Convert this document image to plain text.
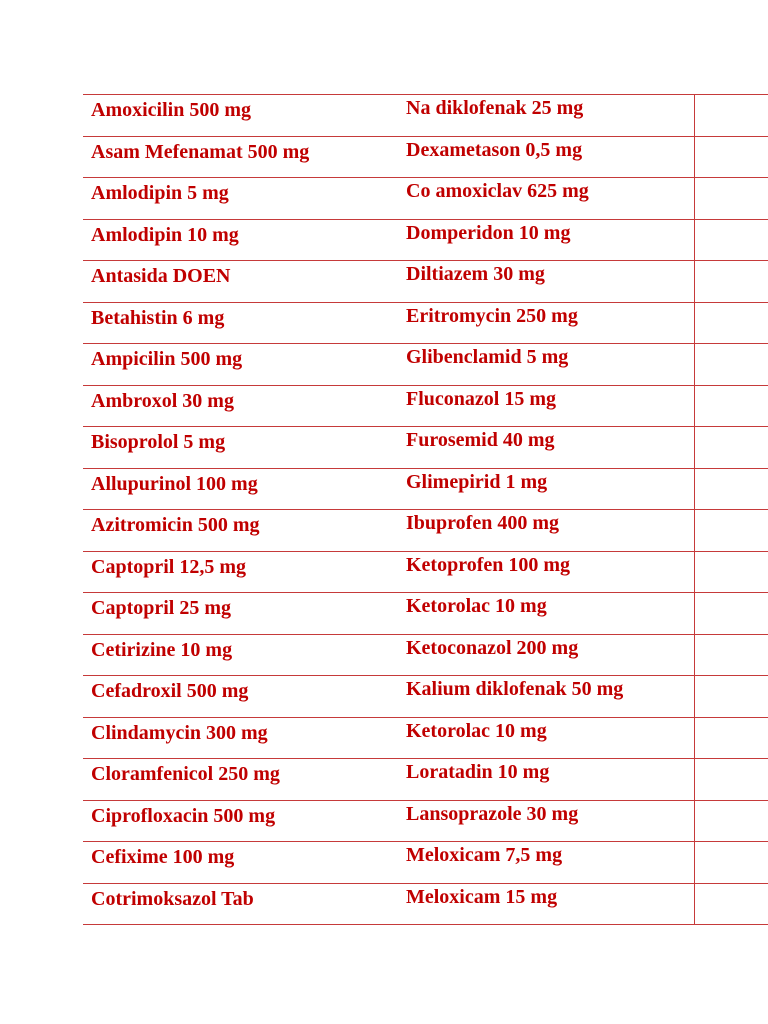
Amoxicilin 500 mg	Na diklofenak 25 mg	
Asam Mefenamat 500 mg	Dexametason 0,5 mg	
Amlodipin 5 mg	Co amoxiclav 625 mg	
Amlodipin 10 mg	Domperidon 10 mg	
Antasida DOEN	Diltiazem 30 mg	
Betahistin 6 mg	Eritromycin 250 mg	
Ampicilin 500 mg	Glibenclamid 5 mg	
Ambroxol 30 mg	Fluconazol 15 mg	
Bisoprolol 5 mg	Furosemid 40 mg	
Allupurinol 100 mg	Glimepirid 1 mg	
Azitromicin 500 mg	Ibuprofen 400 mg	
Captopril 12,5 mg	Ketoprofen 100 mg	
Captopril 25 mg	Ketorolac 10 mg	
Cetirizine 10 mg	Ketoconazol 200 mg	
Cefadroxil 500 mg	Kalium diklofenak 50 mg	
Clindamycin 300 mg	Ketorolac 10 mg	
Cloramfenicol 250 mg	Loratadin 10 mg	
Ciprofloxacin 500 mg	Lansoprazole 30 mg	
Cefixime 100 mg	Meloxicam 7,5 mg	
Cotrimoksazol Tab	Meloxicam 15 mg	
